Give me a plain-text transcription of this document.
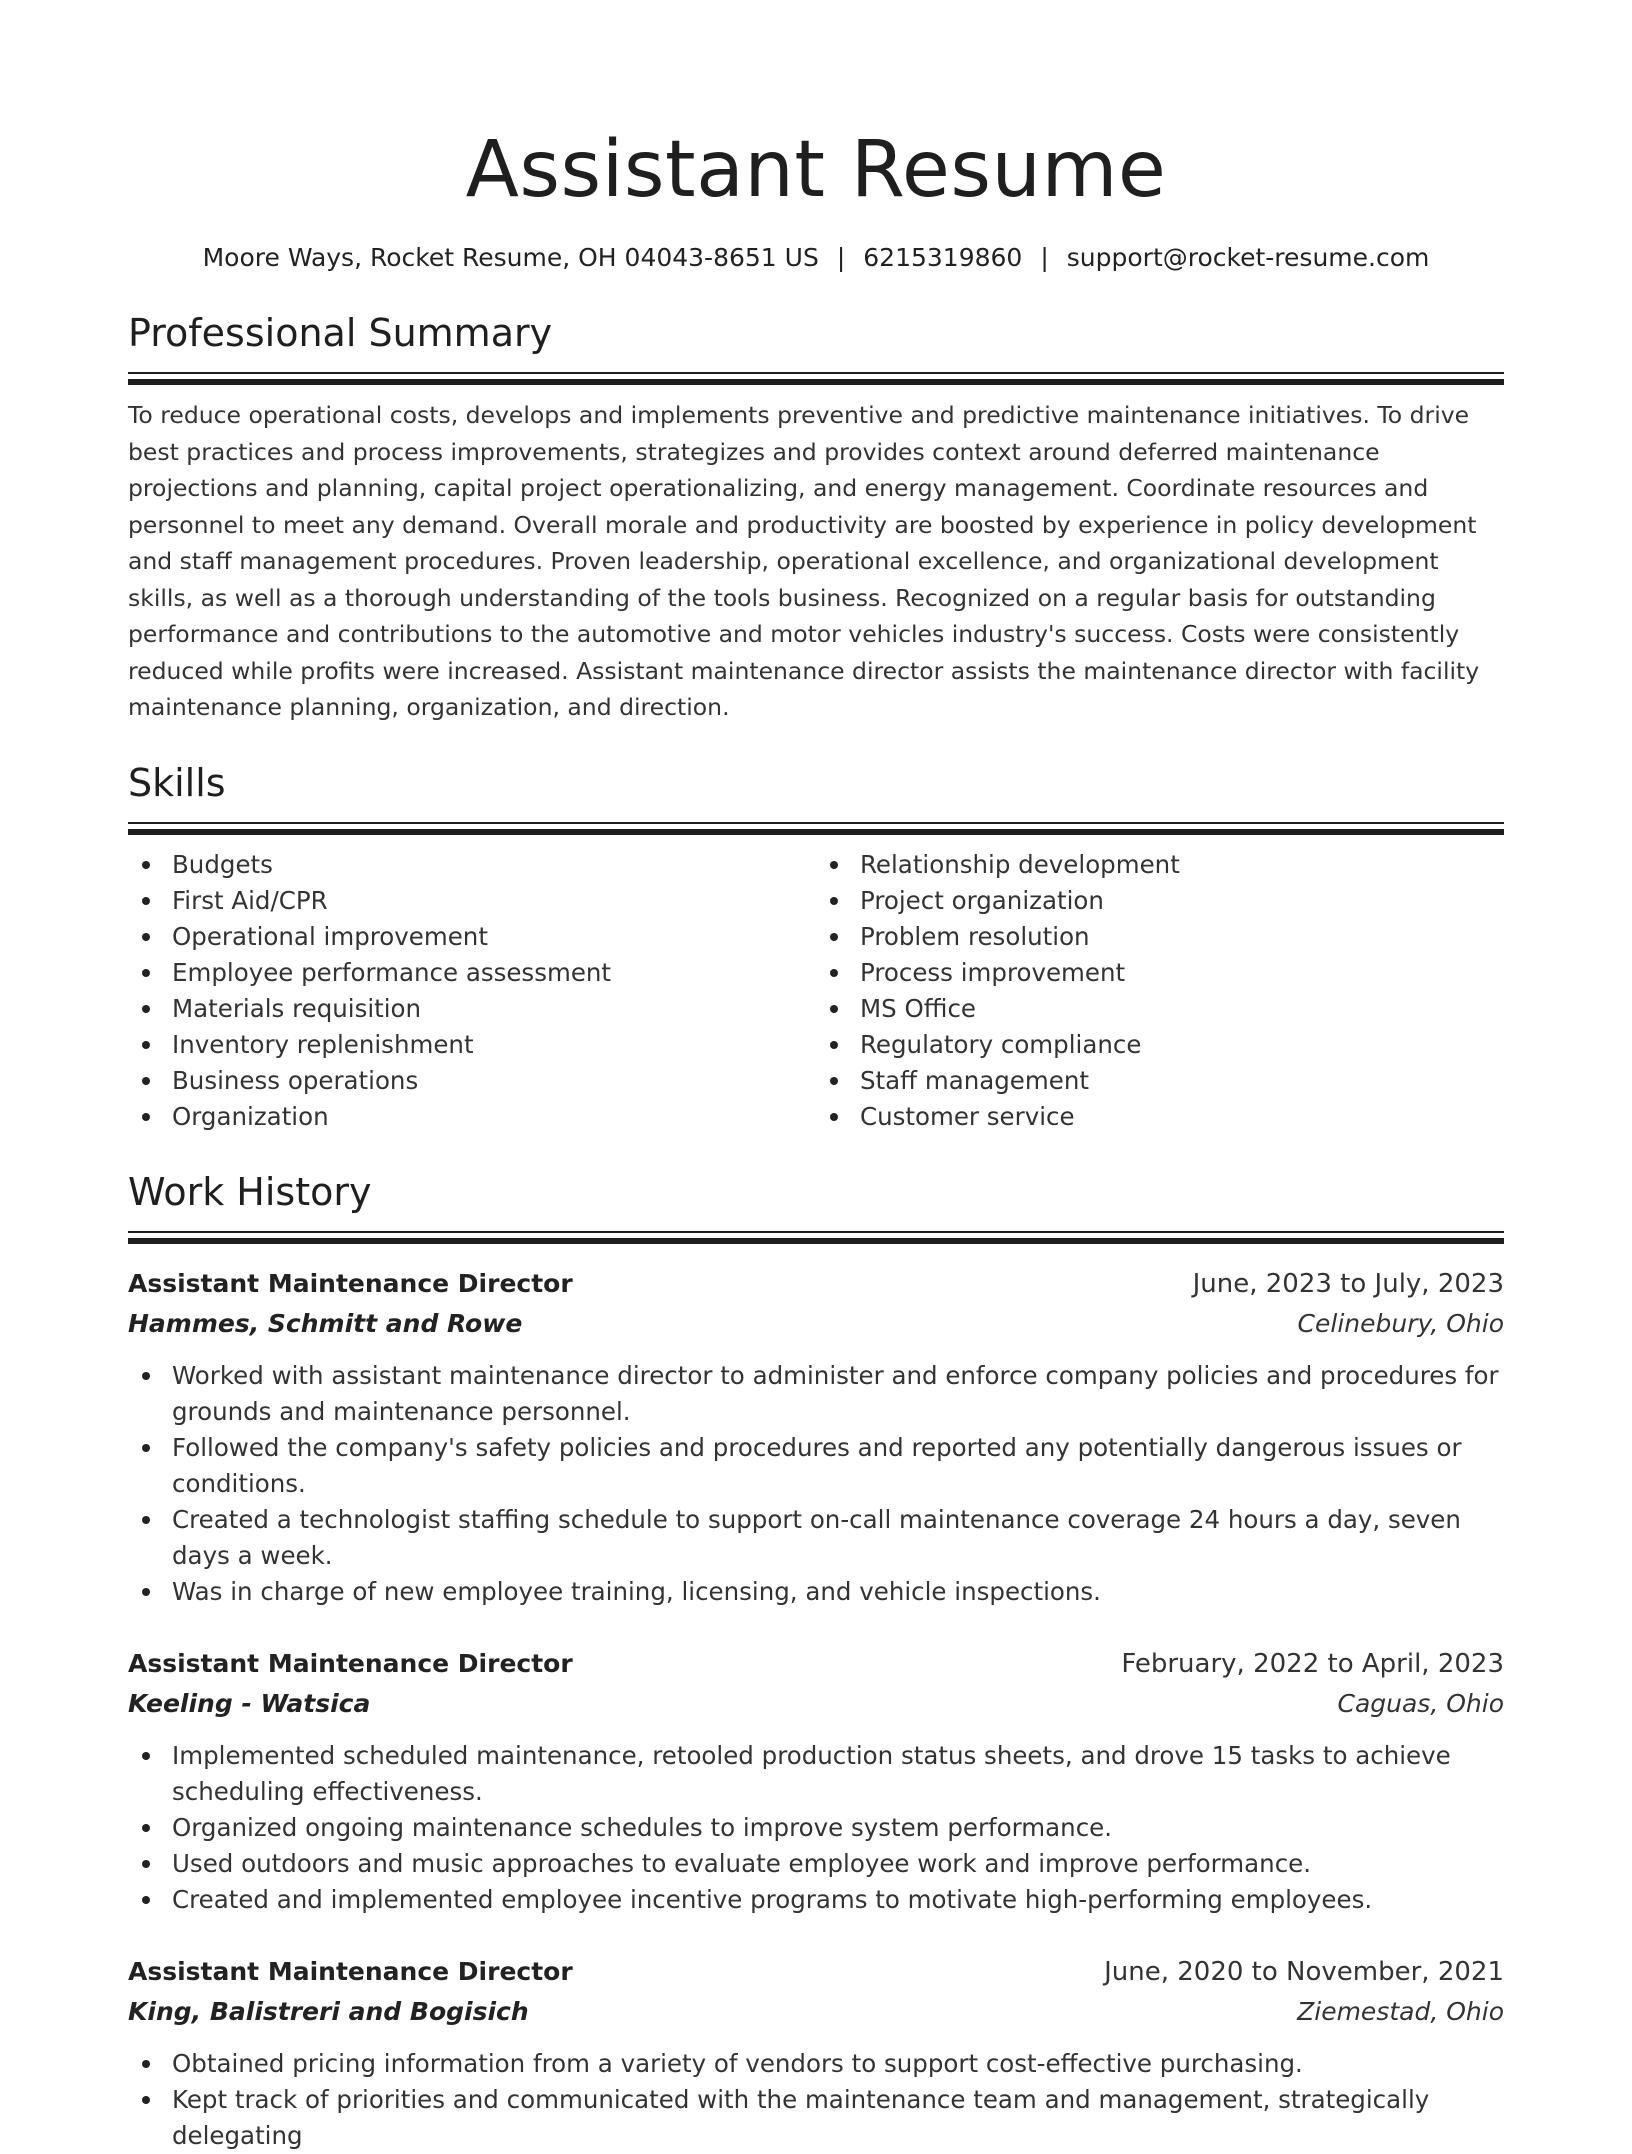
Assistant Resume
Moore Ways, Rocket Resume, OH 04043-8651 US | 6215319860 | support@rocket-resume.com
Professional Summary

To reduce operational costs, develops and implements preventive and predictive maintenance initiatives. To drive best practices and process improvements, strategizes and provides context around deferred maintenance projections and planning, capital project operationalizing, and energy management. Coordinate resources and personnel to meet any demand. Overall morale and productivity are boosted by experience in policy development and staff management procedures. Proven leadership, operational excellence, and organizational development skills, as well as a thorough understanding of the tools business. Recognized on a regular basis for outstanding performance and contributions to the automotive and motor vehicles industry's success. Costs were consistently reduced while profits were increased. Assistant maintenance director assists the maintenance director with facility maintenance planning, organization, and direction.

Skills
Budgets
First Aid/CPR
Operational improvement
Employee performance assessment
Materials requisition
Inventory replenishment
Business operations
Organization
Relationship development
Project organization
Problem resolution
Process improvement
MS Office
Regulatory compliance
Staff management
Customer service
Work History
Assistant Maintenance Director	June, 2023 to July, 2023
Hammes, Schmitt and Rowe	Celinebury, Ohio
Worked with assistant maintenance director to administer and enforce company policies and procedures for grounds and maintenance personnel.
Followed the company's safety policies and procedures and reported any potentially dangerous issues or conditions.
Created a technologist staffing schedule to support on-call maintenance coverage 24 hours a day, seven days a week.
Was in charge of new employee training, licensing, and vehicle inspections.
Assistant Maintenance Director	February, 2022 to April, 2023
Keeling - Watsica	Caguas, Ohio
Implemented scheduled maintenance, retooled production status sheets, and drove 15 tasks to achieve scheduling effectiveness.
Organized ongoing maintenance schedules to improve system performance.
Used outdoors and music approaches to evaluate employee work and improve performance.
Created and implemented employee incentive programs to motivate high-performing employees.
Assistant Maintenance Director	June, 2020 to November, 2021
King, Balistreri and Bogisich	Ziemestad, Ohio
Obtained pricing information from a variety of vendors to support cost-effective purchasing.
Kept track of priorities and communicated with the maintenance team and management, strategically delegating
